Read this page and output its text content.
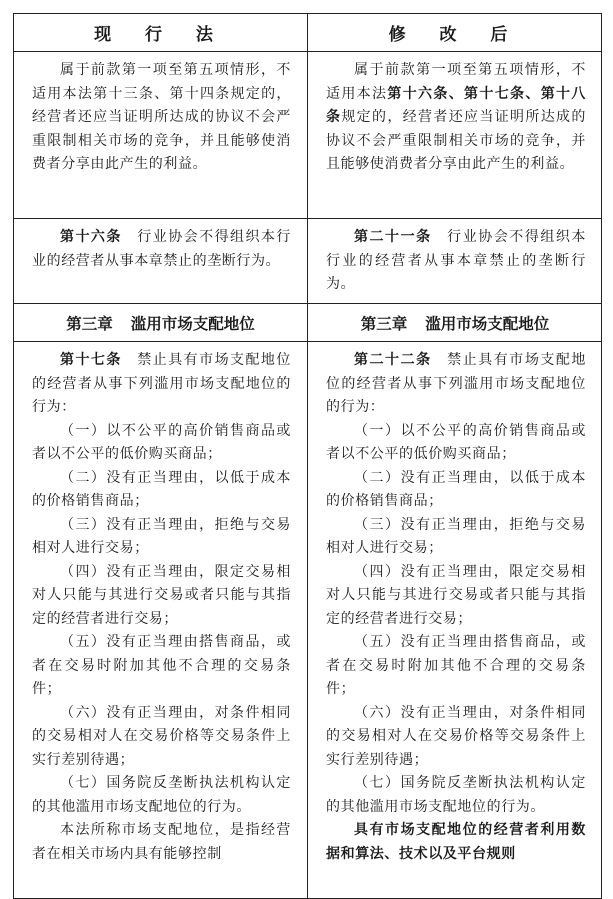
现 行 法	修 改 后

属于前款第一项至第五项情形，不适用本法第十三条、第十四条规定的，经营者还应当证明所达成的协议不会严重限制相关市场的竞争，并且能够使消费者分享由此产生的利益。

属于前款第一项至第五项情形，不适用本法第十六条、第十七条、第十八条规定的，经营者还应当证明所达成的协议不会严重限制相关市场的竞争，并且能够使消费者分享由此产生的利益。

第十六条　行业协会不得组织本行业的经营者从事本章禁止的垄断行为。

第二十一条　行业协会不得组织本行业的经营者从事本章禁止的垄断行为。

第三章 滥用市场支配地位	第三章 滥用市场支配地位

第十七条　禁止具有市场支配地位的经营者从事下列滥用市场支配地位的行为：

（一）以不公平的高价销售商品或者以不公平的低价购买商品；

（二）没有正当理由，以低于成本的价格销售商品；

（三）没有正当理由，拒绝与交易相对人进行交易；

（四）没有正当理由，限定交易相对人只能与其进行交易或者只能与其指定的经营者进行交易；

（五）没有正当理由搭售商品，或者在交易时附加其他不合理的交易条件；

（六）没有正当理由，对条件相同的交易相对人在交易价格等交易条件上实行差别待遇；

（七）国务院反垄断执法机构认定的其他滥用市场支配地位的行为。

本法所称市场支配地位，是指经营者在相关市场内具有能够控制

第二十二条　禁止具有市场支配地位的经营者从事下列滥用市场支配地位的行为：

（一）以不公平的高价销售商品或者以不公平的低价购买商品；

（二）没有正当理由，以低于成本的价格销售商品；

（三）没有正当理由，拒绝与交易相对人进行交易；

（四）没有正当理由，限定交易相对人只能与其进行交易或者只能与其指定的经营者进行交易；

（五）没有正当理由搭售商品，或者在交易时附加其他不合理的交易条件；

（六）没有正当理由，对条件相同的交易相对人在交易价格等交易条件上实行差别待遇；

（七）国务院反垄断执法机构认定的其他滥用市场支配地位的行为。

具有市场支配地位的经营者利用数据和算法、技术以及平台规则
